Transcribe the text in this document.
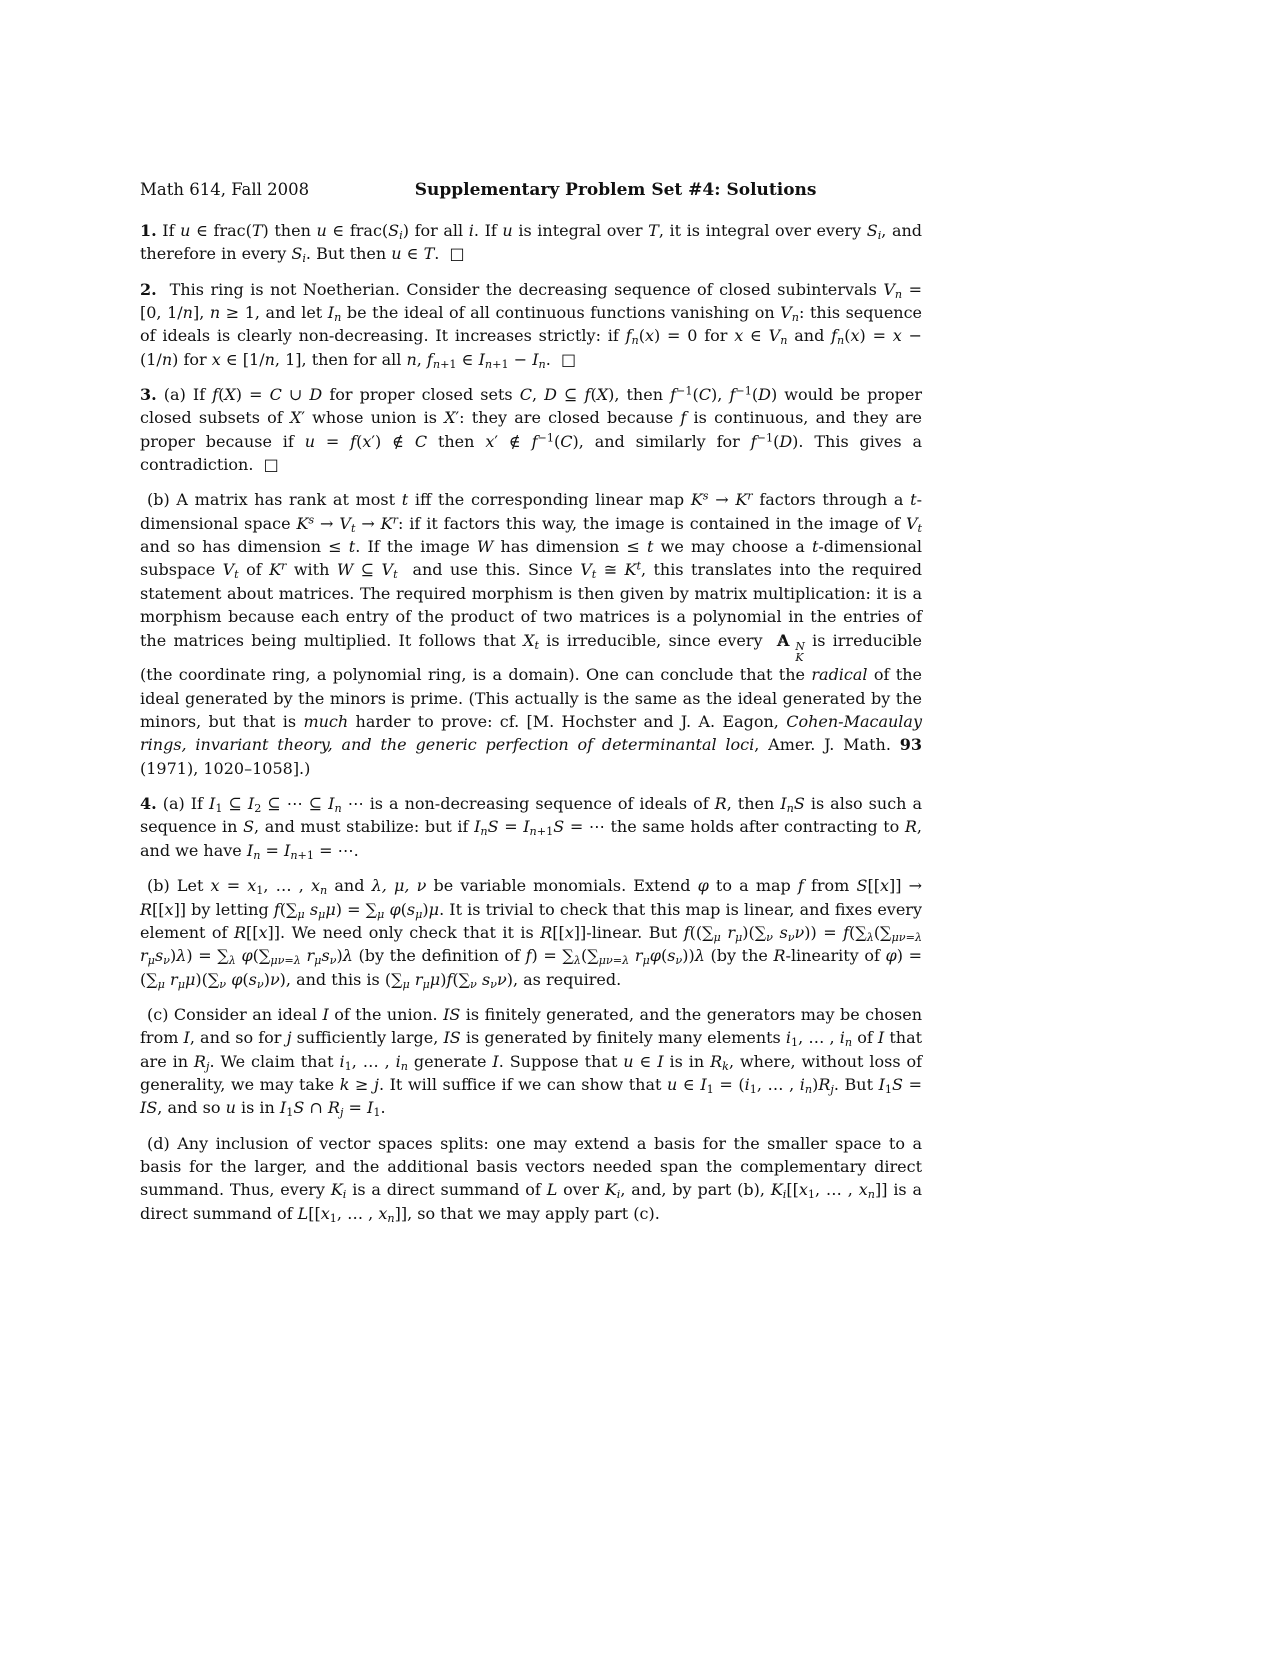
Math 614, Fall 2008	Supplementary Problem Set #4: Solutions

1. If u ∈ frac(T) then u ∈ $frac(S_i)$ for all i. If u is integral over T, it is integral over every $S_i$, and therefore in every $S_i$. But then u ∈ T.  □

2.  This ring is not Noetherian. Consider the decreasing sequence of closed subintervals $V_n = [0$, 1/n], n ≥ 1, and let $I_n$ be the ideal of all continuous functions vanishing on $V_n$: this sequence of ideals is clearly non-decreasing. It increases strictly: if $f_n(x) = 0$ for x ∈ $V_n$ and $f_n(x) = x - (1/n)$ for x ∈ [1/n, 1], then for all n, $f_{n+1}$ ∈ $I_{n+1} - I_n$.  □

3. (a) If f(X) = C ∪ D for proper closed sets C, D ⊆ f(X), then $f^{-1}(C)$, $f^{-1}(D)$ would be proper closed subsets of X′ whose union is X′: they are closed because f is continuous, and they are proper because if u = f(x′) ∉ C then x′ ∉ $f^{-1}(C)$, and similarly for $f^{-1}(D)$. This gives a contradiction.  □

(b) A matrix has rank at most t iff the corresponding linear map $K^s \to K^r$ factors through a t-dimensional space $K^s \to V_t \to K^r$: if it factors this way, the image is contained in the image of $V_t$ and so has dimension ≤ t. If the image W has dimension ≤ t we may choose a t-dimensional subspace $V_t$ of $K^r$ with W ⊆ $V_t$  and use this. Since $V_t$ ≅ $K^t$, this translates into the required statement about matrices. The required morphism is then given by matrix multiplication: it is a morphism because each entry of the product of two matrices is a polynomial in the entries of the matrices being multiplied. It follows that $X_t$ is irreducible, since every A A N
K
is irreducible (the coordinate ring, a polynomial ring, is a domain). One can conclude that the radical of the ideal generated by the minors is prime. (This actually is the same as the ideal generated by the minors, but that is much harder to prove: cf. [M. Hochster and J. A. Eagon, Cohen-Macaulay rings, invariant theory, and the generic perfection of determinantal loci, Amer. J. Math. 93 (1971), 1020–1058].)

4. (a) If $I_1$ ⊆ $I_2$ ⊆ ⋯ ⊆ $I_n$ ⋯ is a non-decreasing sequence of ideals of R, then $I_nS$ is also such a sequence in S, and must stabilize: but if $I_nS = I_{n+1}S$ = ⋯ the same holds after contracting to R, and we have $I_n = I_{n+1}$ = ⋯.

(b) Let $x = x_1$, … , $x_n$ and λ, μ, ν be variable monomials. Extend φ to a map f from S[[x]] → R[[x]] by letting $f(\sum_\mu$ $s_\mu\mu) = \sum_\mu$ $\varphi(s_\mu)\mu$. It is trivial to check that this map is linear, and fixes every element of R[[x]]. We need only check that it is R[[x]]-linear. But $f((\sum_\mu$ $r_\mu)(\sum_\nu$ $s_\nu\nu)) = f(\sum_\lambda(\sum_{\mu\nu=\lambda}$ $r_\mu s_\nu)\lambda) = \sum_\lambda$ $\varphi(\sum_{\mu\nu=\lambda}$ $r_\mu s_\nu)\lambda$ (by the definition of $f) = \sum_\lambda(\sum_{\mu\nu=\lambda}$ $r_\mu\varphi(s_\nu))\lambda$ (by the R-linearity of $\varphi) = (\sum_\mu$ $r_\mu\mu)(\sum_\nu$ $\varphi(s_\nu)\nu$), and this is ($\sum_\mu$ $r_\mu\mu)f(\sum_\nu$ $s_\nu\nu$), as required.

(c) Consider an ideal I of the union. IS is finitely generated, and the generators may be chosen from I, and so for j sufficiently large, IS is generated by finitely many elements $i_1$, … , $i_n$ of I that are in $R_j$. We claim that $i_1$, … , $i_n$ generate I. Suppose that u ∈ I is in $R_k$, where, without loss of generality, we may take k ≥ j. It will suffice if we can show that u ∈ $I_1 = (i_1$, … , $i_n)R_j$. But $I_1S$ = IS, and so u is in $I_1S$ ∩ $R_j = I_1$.

(d) Any inclusion of vector spaces splits: one may extend a basis for the smaller space to a basis for the larger, and the additional basis vectors needed span the complementary direct summand. Thus, every $K_i$ is a direct summand of L over $K_i$, and, by part (b), $K_i[[x_1$, … , $x_n$]] is a direct summand of $L[[x_1$, … , $x_n$]], so that we may apply part (c).
